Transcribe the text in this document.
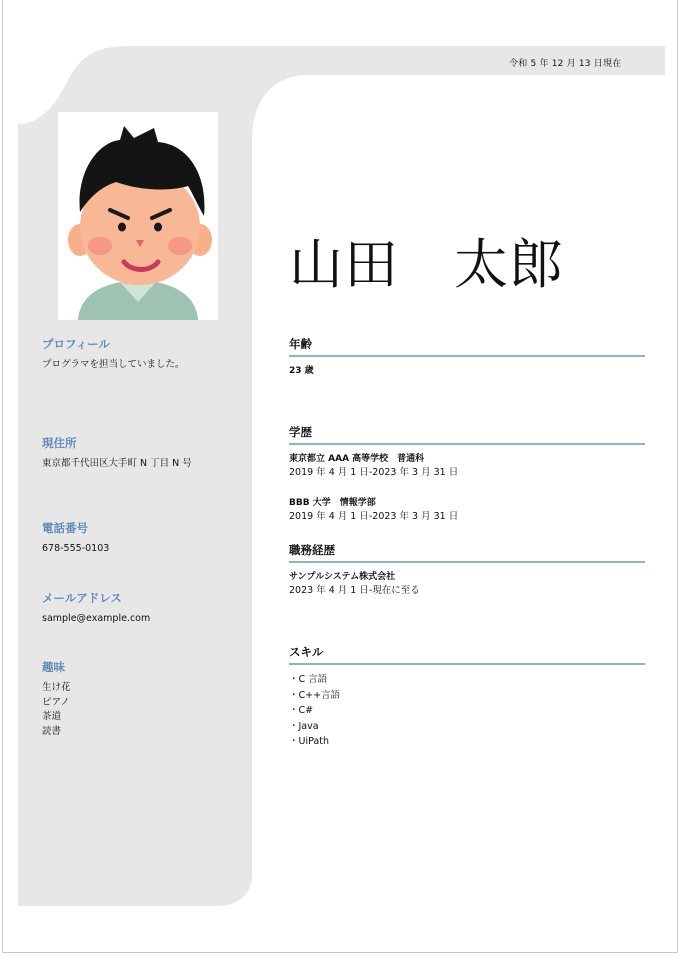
令和 5 年 12 月 13 日現在
プロフィール
プログラマを担当していました。
現住所
東京都千代田区大手町 N 丁目 N 号
電話番号
678-555-0103
メールアドレス
sample@example.com
趣味
生け花
ピアノ
茶道
読書
山田　太郎
年齢
23 歳
学歴
東京都立 AAA 高等学校　普通科
2019 年 4 月 1 日-2023 年 3 月 31 日
BBB 大学　情報学部
2019 年 4 月 1 日-2023 年 3 月 31 日
職務経歴
サンプルシステム株式会社
2023 年 4 月 1 日-現在に至る
スキル
・C 言語
・C++言語
・C#
・Java
・UiPath
